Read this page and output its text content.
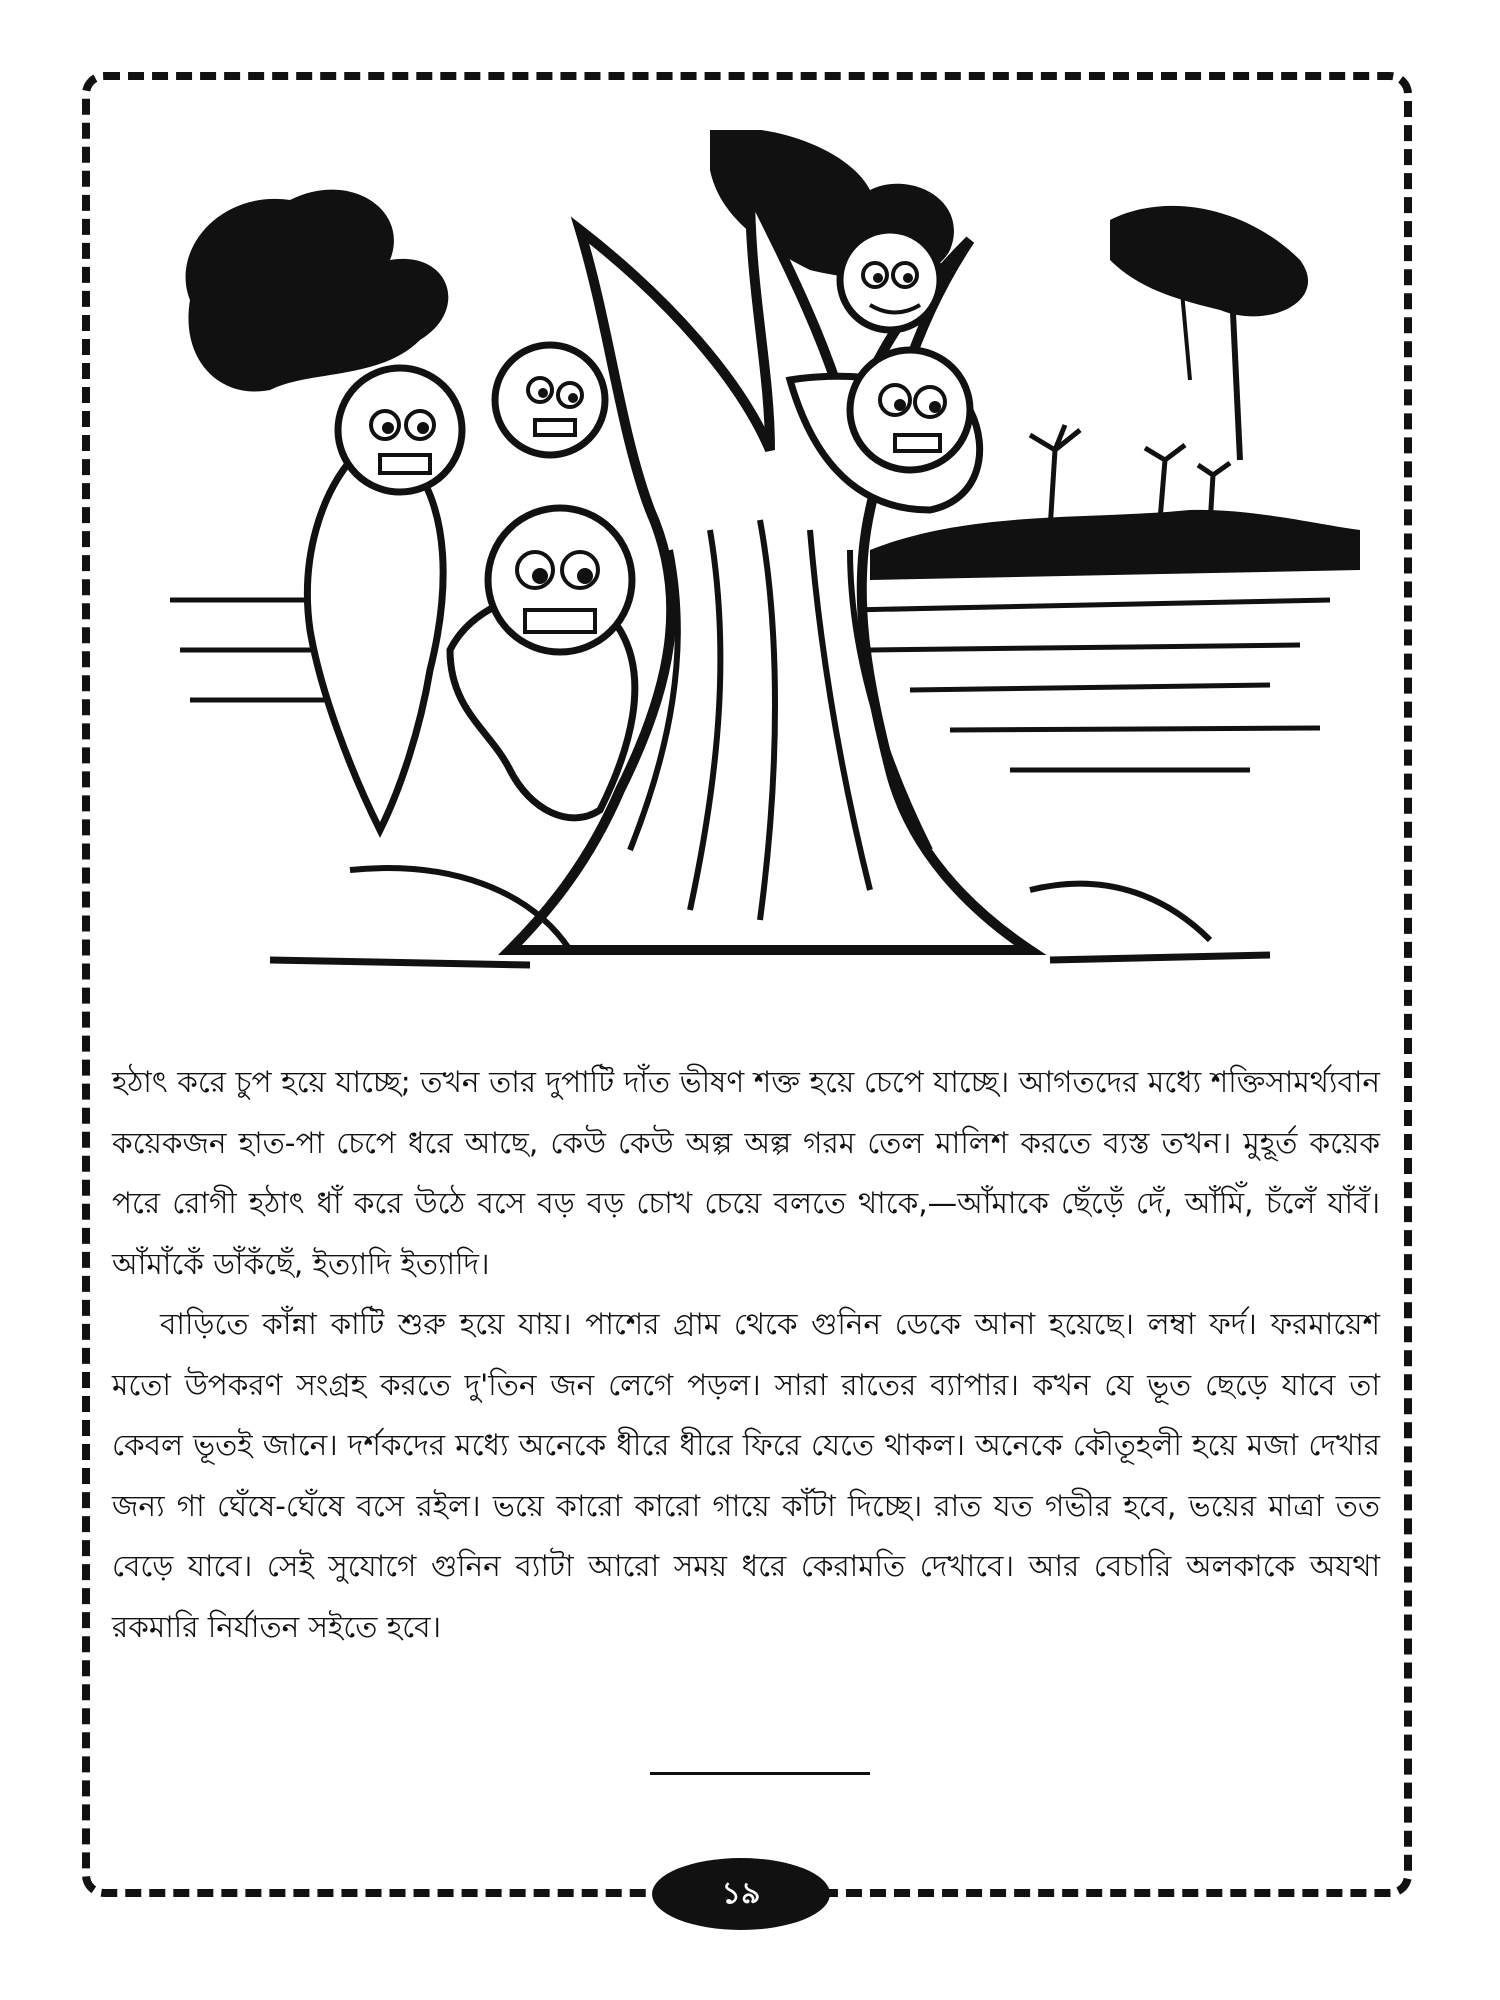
হঠাৎ করে চুপ হয়ে যাচ্ছে; তখন তার দুপাটি দাঁত ভীষণ শক্ত হয়ে চেপে যাচ্ছে। আগতদের মধ্যে শক্তিসামর্থ্যবান কয়েকজন হাত-পা চেপে ধরে আছে, কেউ কেউ অল্প অল্প গরম তেল মালিশ করতে ব্যস্ত তখন। মুহূর্ত কয়েক পরে রোগী হঠাৎ ধাঁ করে উঠে বসে বড় বড় চোখ চেয়ে বলতে থাকে,—আঁমাকে ছেঁড়েঁ দেঁ, আঁমিঁ, চঁলেঁ যাঁবঁ। আঁমাঁকেঁ ডাঁকঁছেঁ, ইত্যাদি ইত্যাদি।

বাড়িতে কাঁন্না কাটি শুরু হয়ে যায়। পাশের গ্রাম থেকে গুনিন ডেকে আনা হয়েছে। লম্বা ফর্দ। ফরমায়েশ মতো উপকরণ সংগ্রহ করতে দু'তিন জন লেগে পড়ল। সারা রাতের ব্যাপার। কখন যে ভূত ছেড়ে যাবে তা কেবল ভূতই জানে। দর্শকদের মধ্যে অনেকে ধীরে ধীরে ফিরে যেতে থাকল। অনেকে কৌতূহলী হয়ে মজা দেখার জন্য গা ঘেঁষে-ঘেঁষে বসে রইল। ভয়ে কারো কারো গায়ে কাঁটা দিচ্ছে। রাত যত গভীর হবে, ভয়ের মাত্রা তত বেড়ে যাবে। সেই সুযোগে গুনিন ব্যাটা আরো সময় ধরে কেরামতি দেখাবে। আর বেচারি অলকাকে অযথা রকমারি নির্যাতন সইতে হবে।

১৯
